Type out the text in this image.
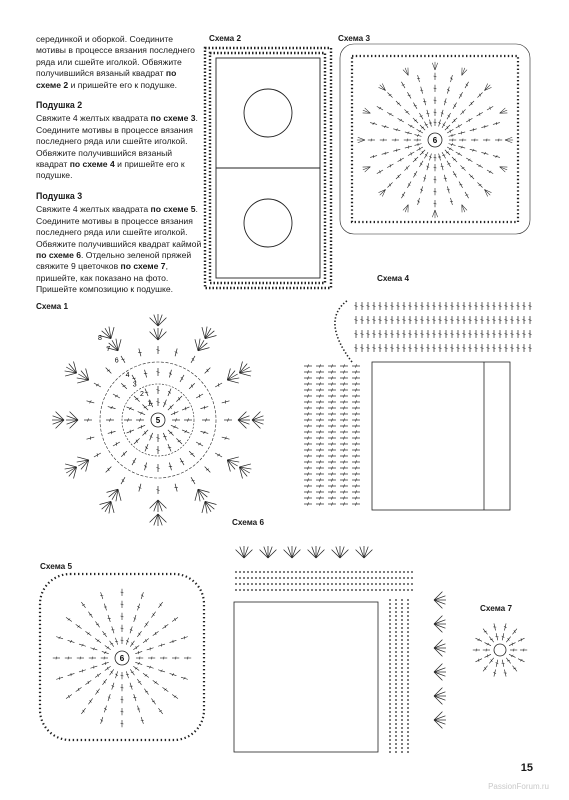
серединкой и оборкой. Соедините мотивы в процессе вязания последнего ряда или сшейте иголкой. Обвяжите получившийся вязаный квадрат по схеме 2 и пришейте его к подушке.

Подушка 2

Свяжите 4 желтых квадрата по схеме 3. Соедините мотивы в процессе вязания последнего ряда или сшейте иголкой. Обвяжите получившийся вязаный квадрат по схеме 4 и пришейте его к подушке.

Подушка 3

Свяжите 4 желтых квадрата по схеме 5. Соедините мотивы в процессе вязания последнего ряда или сшейте иголкой. Обвяжите получившийся квадрат каймой по схеме 6. Отдельно зеленой пряжей свяжите 9 цветочков по схеме 7, пришейте, как показано на фото. Пришейте композицию к подушке.

Схема 2	Схема 3
Схема 4
Схема 1
Схема 6
Схема 5
Схема 7
6
5
1
2
3
4
6
7
8
6
15
PassionForum.ru
